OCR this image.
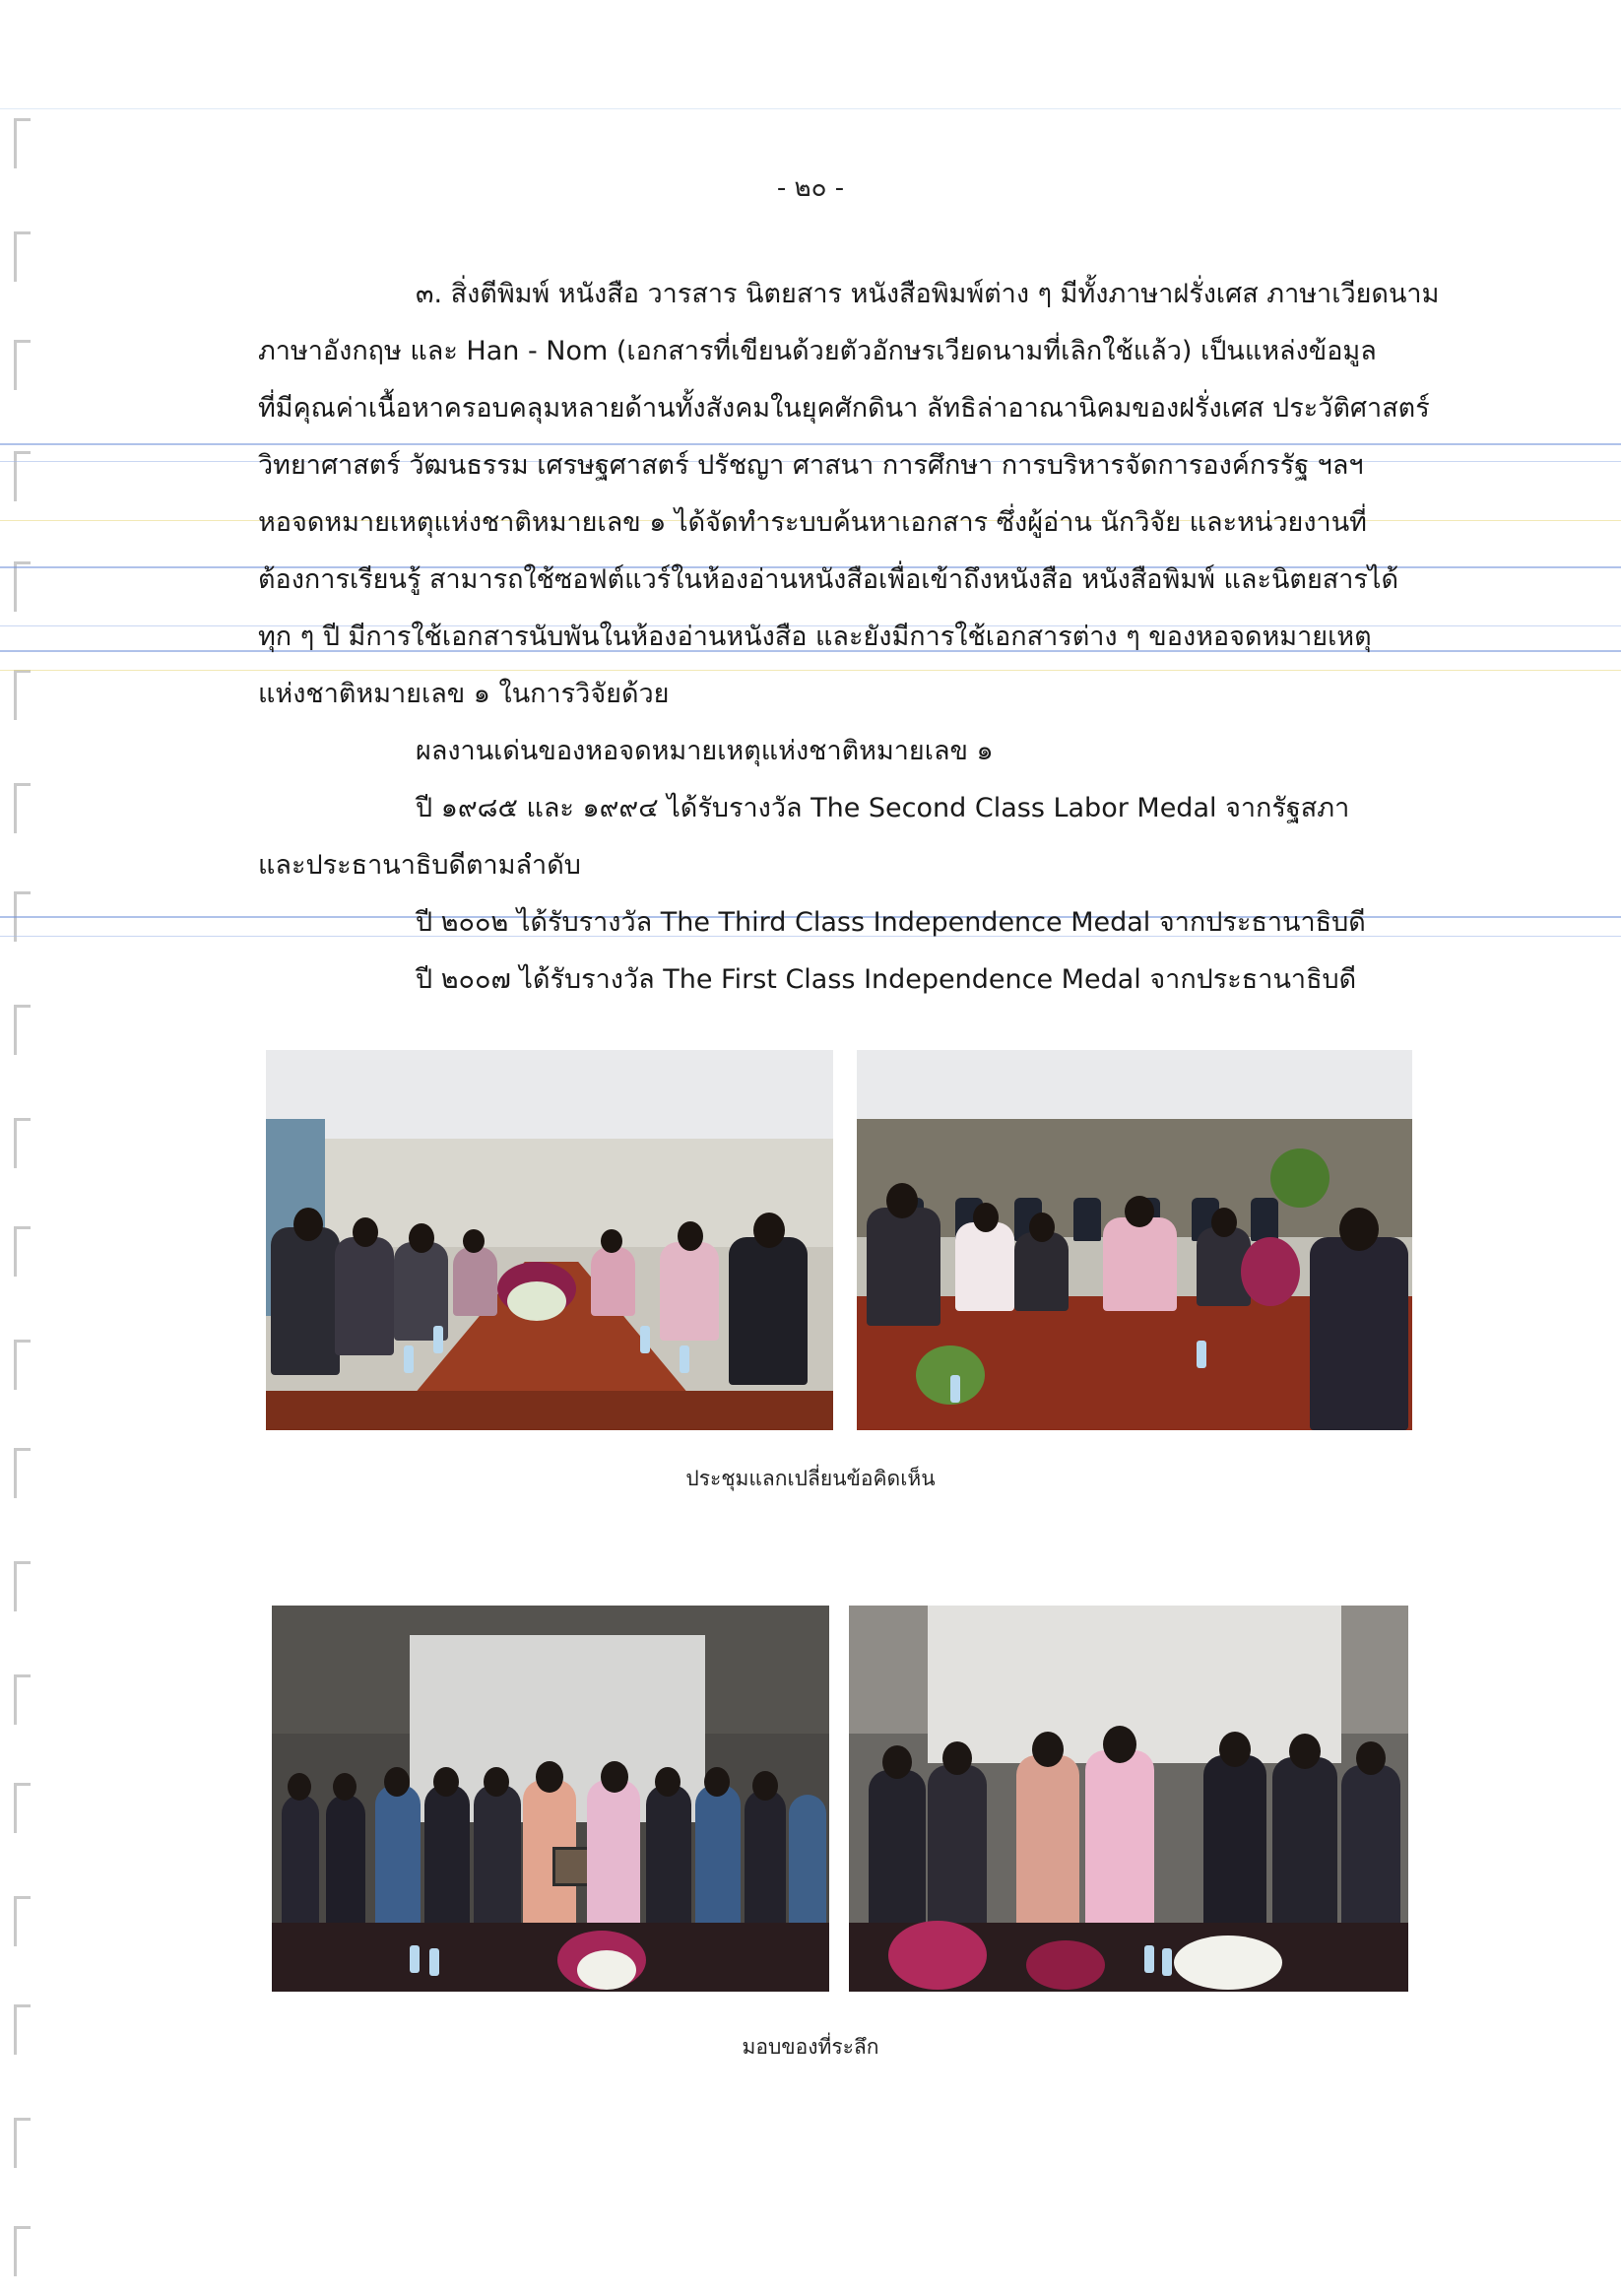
- ๒๐ -
๓. สิ่งตีพิมพ์ หนังสือ วารสาร นิตยสาร หนังสือพิมพ์ต่าง ๆ มีทั้งภาษาฝรั่งเศส ภาษาเวียดนาม
ภาษาอังกฤษ และ Han - Nom (เอกสารที่เขียนด้วยตัวอักษรเวียดนามที่เลิกใช้แล้ว) เป็นแหล่งข้อมูล
ที่มีคุณค่าเนื้อหาครอบคลุมหลายด้านทั้งสังคมในยุคศักดินา ลัทธิล่าอาณานิคมของฝรั่งเศส ประวัติศาสตร์
วิทยาศาสตร์ วัฒนธรรม เศรษฐศาสตร์ ปรัชญา ศาสนา การศึกษา การบริหารจัดการองค์กรรัฐ ฯลฯ
หอจดหมายเหตุแห่งชาติหมายเลข ๑ ได้จัดทำระบบค้นหาเอกสาร ซึ่งผู้อ่าน นักวิจัย และหน่วยงานที่
ต้องการเรียนรู้ สามารถใช้ซอฟต์แวร์ในห้องอ่านหนังสือเพื่อเข้าถึงหนังสือ หนังสือพิมพ์ และนิตยสารได้
ทุก ๆ ปี มีการใช้เอกสารนับพันในห้องอ่านหนังสือ และยังมีการใช้เอกสารต่าง ๆ ของหอจดหมายเหตุ
แห่งชาติหมายเลข ๑ ในการวิจัยด้วย
ผลงานเด่นของหอจดหมายเหตุแห่งชาติหมายเลข ๑
ปี ๑๙๘๕ และ ๑๙๙๔ ได้รับรางวัล The Second Class Labor Medal จากรัฐสภา
และประธานาธิบดีตามลำดับ
ปี ๒๐๐๒ ได้รับรางวัล The Third Class Independence Medal จากประธานาธิบดี
ปี ๒๐๐๗ ได้รับรางวัล The First Class Independence Medal จากประธานาธิบดี
ประชุมแลกเปลี่ยนข้อคิดเห็น
มอบของที่ระลึก
